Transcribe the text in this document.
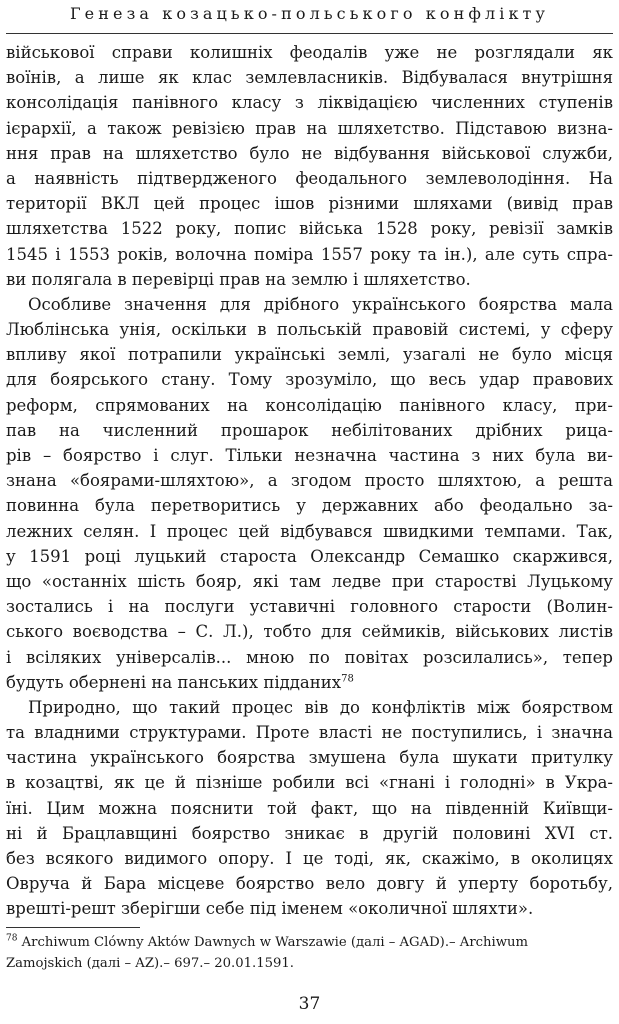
Генеза козацько-польського конфлікту
військової справи колишніх феодалів уже не розглядали як
воїнів, а лише як клас землевласників. Відбувалася внутрішня
консолідація панівного класу з ліквідацією численних ступенів
ієрархії, а також ревізією прав на шляхетство. Підставою визна-
ння прав на шляхетство було не відбування військової служби,
а наявність підтвердженого феодального землеволодіння. На
території ВКЛ цей процес ішов різними шляхами (вивід прав
шляхетства 1522 року, попис війська 1528 року, ревізії замків
1545 і 1553 років, волочна поміра 1557 року та ін.), але суть спра-
ви полягала в перевірці прав на землю і шляхетство.
Особливе значення для дрібного українського боярства мала
Люблінська унія, оскільки в польській правовій системі, у сферу
впливу якої потрапили українські землі, узагалі не було місця
для боярського стану. Тому зрозуміло, що весь удар правових
реформ, спрямованих на консолідацію панівного класу, при-
пав на численний прошарок небілітованих дрібних рица-
рів – боярство і слуг. Тільки незначна частина з них була ви-
знана «боярами-шляхтою», а згодом просто шляхтою, а решта
повинна була перетворитись у державних або феодально за-
лежних селян. І процес цей відбувався швидкими темпами. Так,
у 1591 році луцький староста Олександр Семашко скаржився,
що «останніх шість бояр, які там ледве при старостві Луцькому
зостались і на послуги уставичні головного старости (Волин-
ського воєводства – С. Л.), тобто для сеймиків, військових листів
і всіляких універсалів... мною по повітах розсилались», тепер
будуть обернені на панських підданих$^{78}$
Природно, що такий процес вів до конфліктів між боярством
та владними структурами. Проте власті не поступились, і значна
частина українського боярства змушена була шукати притулку
в козацтві, як це й пізніше робили всі «гнані і голодні» в Укра-
їні. Цим можна пояснити той факт, що на південній Київщи-
ні й Брацлавщині боярство зникає в другій половині XVI ст.
без всякого видимого опору. І це тоді, як, скажімо, в околицях
Овруча й Бара місцеве боярство вело довгу й уперту боротьбу,
врешті-решт зберігши себе під іменем «околичної шляхти».
$^{78}$ Archiwum Clówny Aktów Dawnych w Warszawie (далі – AGAD).– Archiwum
Zamojskich (далі – AZ).– 697.– 20.01.1591.
37
